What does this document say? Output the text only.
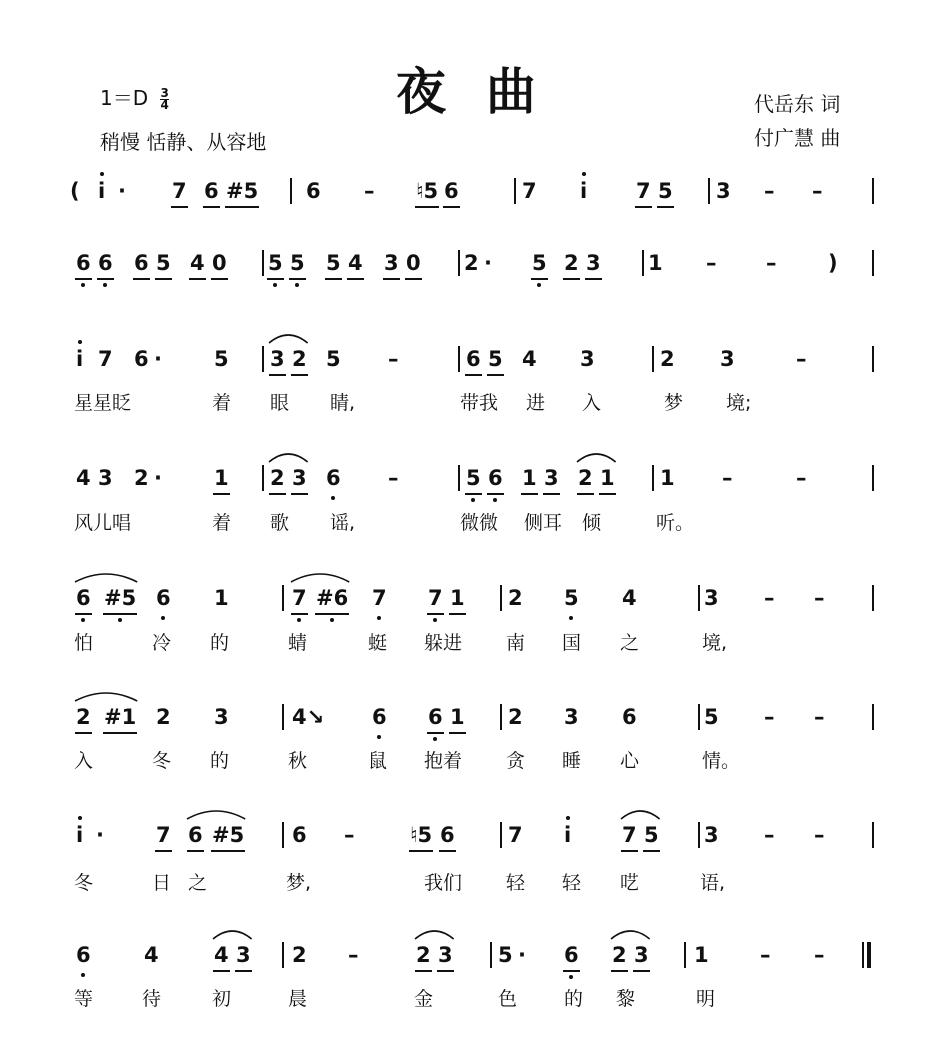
$1=D \frac{3}{4}$	夜曲
稍慢 恬静、从容地
代岳东 词
付广慧 曲
( i · 7 6 #5 6 – ♮5 6	7 i 7 5 3 – –
6 6 6 5 4 0 5 5 5 4 3 0 2 · 5 2 3 1 – – )
i 7 6 · 5 3 2 5 –	6 5 4 3	2 3	–
星星眨	着 眼 睛,	带我 进 入	梦 境;
4 3 2 · 1 2 3 6 –	5 6 1 3 2 1 1 –	–
风儿唱	着 歌 谣,	微微 侧耳 倾	听。
6 #5 6 1	7 #6 7 7 1 2 5 4	3 – –
怕	冷 的	蜻	蜓 躲进 南 国 之	境,
2 #1 2 3	4↘ 6 6 1 2 3 6	5 – –
入	冬 的	秋	鼠 抱着 贪 睡 心	情。
i · 7 6 #5 6 –	♮5 6	7 i 7 5 3 – –
冬	日 之	梦,	我们 轻 轻 呓	语,
6	4	4 3 2 –	2 3 5 · 6 2 3 1 – –
等	待	初	晨	金	色 的 黎	明
